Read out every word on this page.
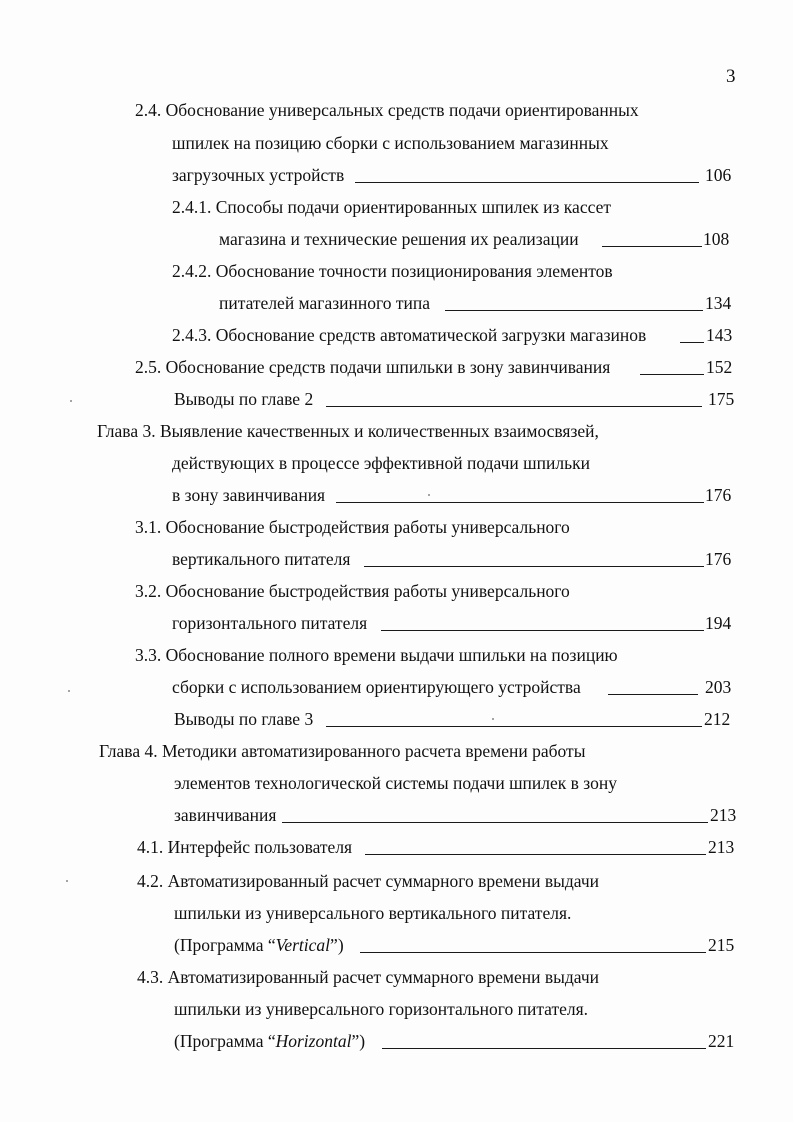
3
2.4. Обоснование универсальных средств подачи ориентированных
шпилек на позицию сборки с использованием магазинных
загрузочных устройств	106
2.4.1. Способы подачи ориентированных шпилек из кассет
магазина и технические решения их реализации	108
2.4.2. Обоснование точности позиционирования элементов
питателей магазинного типа	134
2.4.3. Обоснование средств автоматической загрузки магазинов	143
2.5. Обоснование средств подачи шпильки в зону завинчивания	152
Выводы по главе 2	175
Глава 3. Выявление качественных и количественных взаимосвязей,
действующих в процессе эффективной подачи шпильки
в зону завинчивания	176
3.1. Обоснование быстродействия работы универсального
вертикального питателя	176
3.2. Обоснование быстродействия работы универсального
горизонтального питателя	194
3.3. Обоснование полного времени выдачи шпильки на позицию
сборки с использованием ориентирующего устройства	203
Выводы по главе 3	212
Глава 4. Методики автоматизированного расчета времени работы
элементов технологической системы подачи шпилек в зону
завинчивания	213
4.1. Интерфейс пользователя	213
4.2. Автоматизированный расчет суммарного времени выдачи
шпильки из универсального вертикального питателя.
(Программа “Vertical”)	215
4.3. Автоматизированный расчет суммарного времени выдачи
шпильки из универсального горизонтального питателя.
(Программа “Horizontal”)	221
